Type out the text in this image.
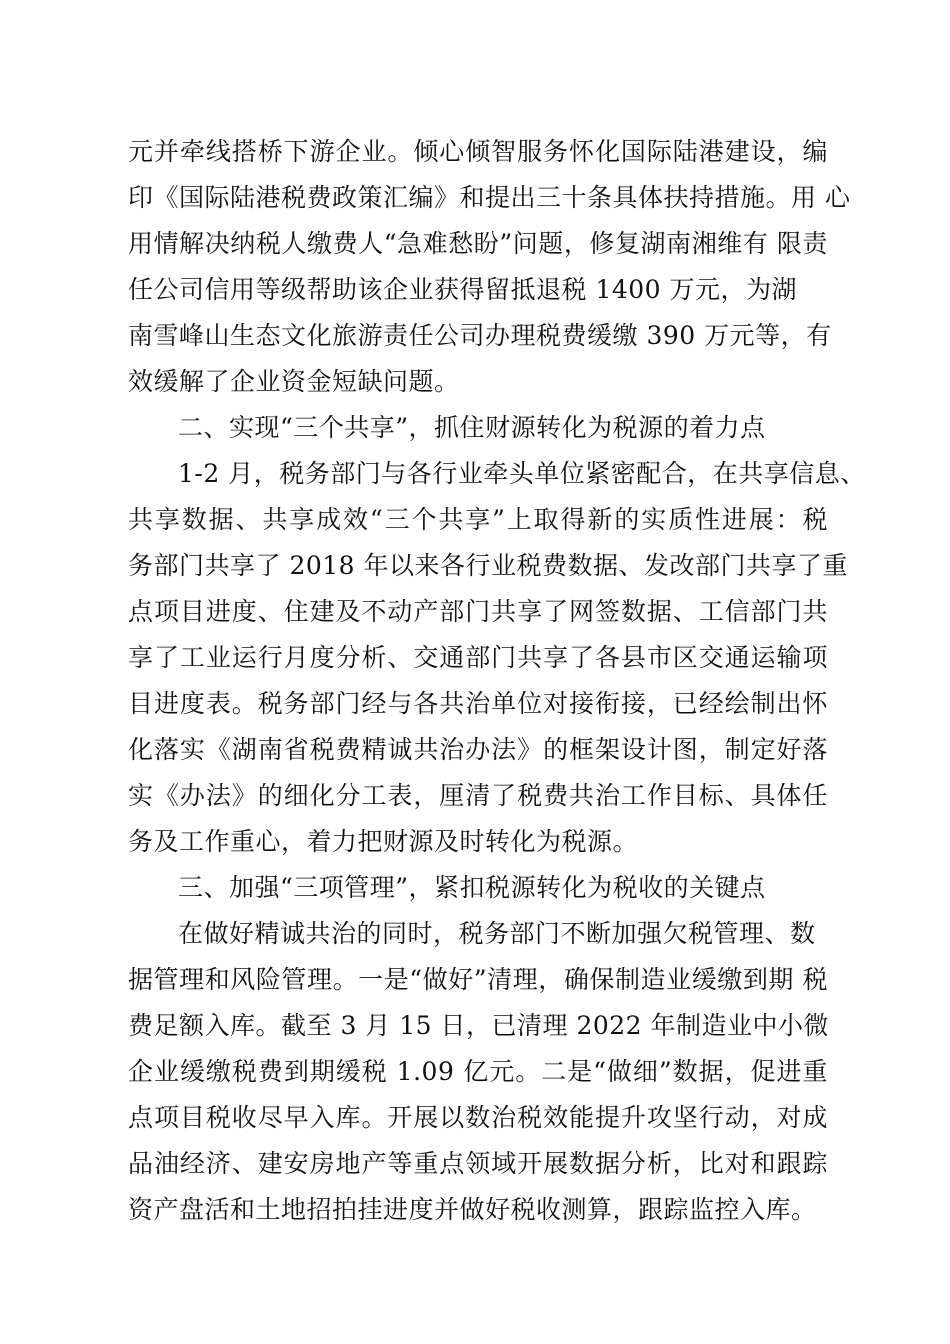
元并牵线搭桥下游企业。倾心倾智服务怀化国际陆港建设，编
印《国际陆港税费政策汇编》和提出三十条具体扶持措施。用 心
用情解决纳税人缴费人“急难愁盼”问题，修复湖南湘维有 限责
任公司信用等级帮助该企业获得留抵退税 1400 万元，为湖
南雪峰山生态文化旅游责任公司办理税费缓缴 390 万元等，有
效缓解了企业资金短缺问题。
二、实现“三个共享”，抓住财源转化为税源的着力点
1-2 月，税务部门与各行业牵头单位紧密配合，在共享信息、
共享数据、共享成效“三个共享”上取得新的实质性进展：税
务部门共享了 2018 年以来各行业税费数据、发改部门共享了重
点项目进度、住建及不动产部门共享了网签数据、工信部门共
享了工业运行月度分析、交通部门共享了各县市区交通运输项
目进度表。税务部门经与各共治单位对接衔接，已经绘制出怀
化落实《湖南省税费精诚共治办法》的框架设计图，制定好落
实《办法》的细化分工表，厘清了税费共治工作目标、具体任
务及工作重心，着力把财源及时转化为税源。
三、加强“三项管理”，紧扣税源转化为税收的关键点
在做好精诚共治的同时，税务部门不断加强欠税管理、数
据管理和风险管理。一是“做好”清理，确保制造业缓缴到期 税
费足额入库。截至 3 月 15 日，已清理 2022 年制造业中小微
企业缓缴税费到期缓税 1.09 亿元。二是“做细”数据，促进重
点项目税收尽早入库。开展以数治税效能提升攻坚行动，对成
品油经济、建安房地产等重点领域开展数据分析，比对和跟踪
资产盘活和土地招拍挂进度并做好税收测算，跟踪监控入库。
